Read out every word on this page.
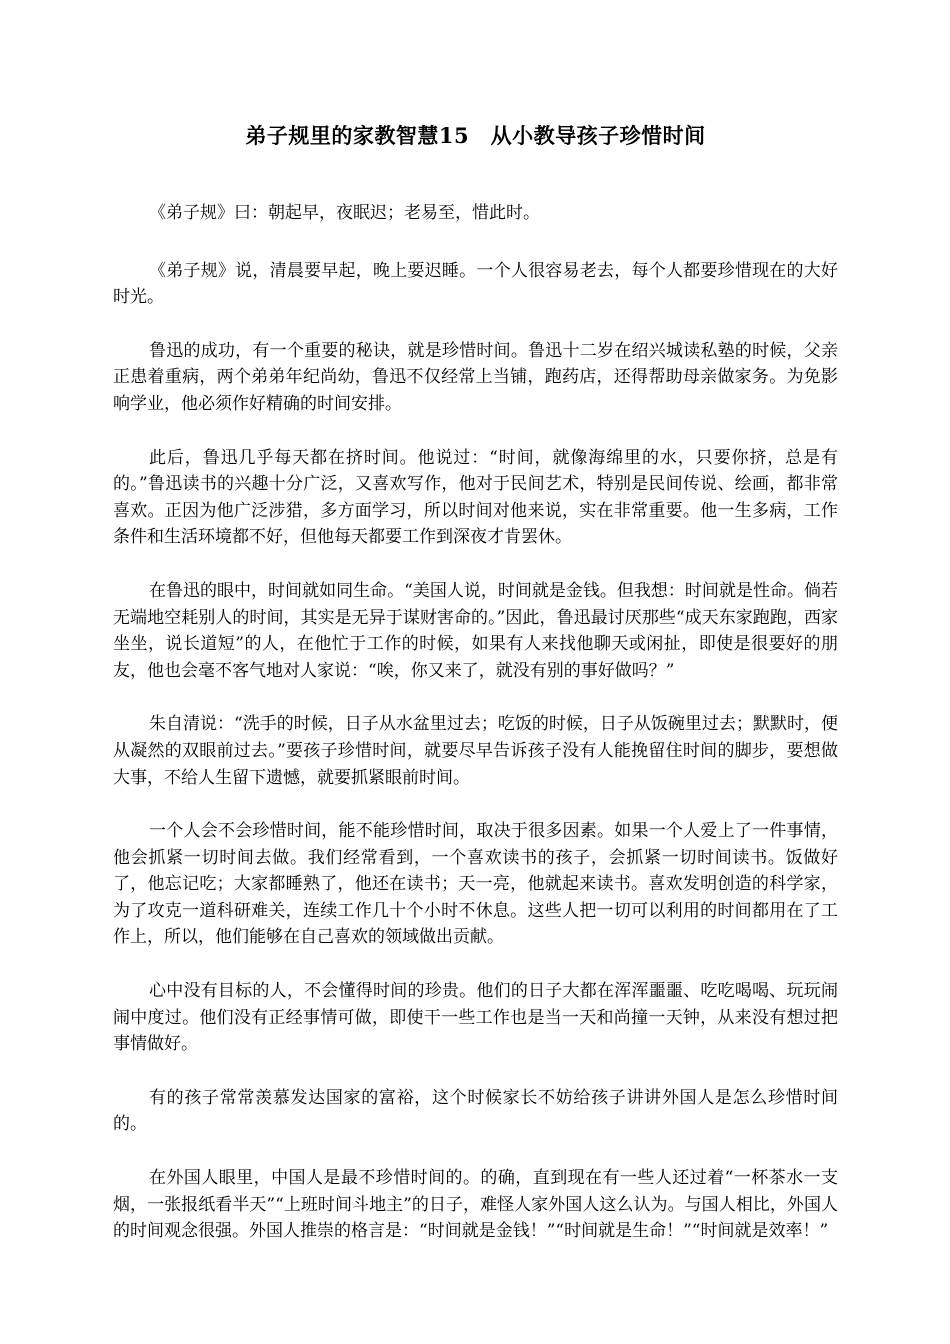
弟子规里的家教智慧15　从小教导孩子珍惜时间

《弟子规》曰：朝起早，夜眠迟；老易至，惜此时。

《弟子规》说，清晨要早起，晚上要迟睡。一个人很容易老去，每个人都要珍惜现在的大好时光。

鲁迅的成功，有一个重要的秘诀，就是珍惜时间。鲁迅十二岁在绍兴城读私塾的时候，父亲正患着重病，两个弟弟年纪尚幼，鲁迅不仅经常上当铺，跑药店，还得帮助母亲做家务。为免影响学业，他必须作好精确的时间安排。

此后，鲁迅几乎每天都在挤时间。他说过：“时间，就像海绵里的水，只要你挤，总是有的。”鲁迅读书的兴趣十分广泛，又喜欢写作，他对于民间艺术，特别是民间传说、绘画，都非常喜欢。正因为他广泛涉猎，多方面学习，所以时间对他来说，实在非常重要。他一生多病，工作条件和生活环境都不好，但他每天都要工作到深夜才肯罢休。

在鲁迅的眼中，时间就如同生命。“美国人说，时间就是金钱。但我想：时间就是性命。倘若无端地空耗别人的时间，其实是无异于谋财害命的。”因此，鲁迅最讨厌那些“成天东家跑跑，西家坐坐，说长道短”的人，在他忙于工作的时候，如果有人来找他聊天或闲扯，即使是很要好的朋友，他也会毫不客气地对人家说：“唉，你又来了，就没有别的事好做吗？”

朱自清说：“洗手的时候，日子从水盆里过去；吃饭的时候，日子从饭碗里过去；默默时，便从凝然的双眼前过去。”要孩子珍惜时间，就要尽早告诉孩子没有人能挽留住时间的脚步，要想做大事，不给人生留下遗憾，就要抓紧眼前时间。

一个人会不会珍惜时间，能不能珍惜时间，取决于很多因素。如果一个人爱上了一件事情，他会抓紧一切时间去做。我们经常看到，一个喜欢读书的孩子，会抓紧一切时间读书。饭做好了，他忘记吃；大家都睡熟了，他还在读书；天一亮，他就起来读书。喜欢发明创造的科学家，为了攻克一道科研难关，连续工作几十个小时不休息。这些人把一切可以利用的时间都用在了工作上，所以，他们能够在自己喜欢的领域做出贡献。

心中没有目标的人，不会懂得时间的珍贵。他们的日子大都在浑浑噩噩、吃吃喝喝、玩玩闹闹中度过。他们没有正经事情可做，即使干一些工作也是当一天和尚撞一天钟，从来没有想过把事情做好。

有的孩子常常羡慕发达国家的富裕，这个时候家长不妨给孩子讲讲外国人是怎么珍惜时间的。

在外国人眼里，中国人是最不珍惜时间的。的确，直到现在有一些人还过着“一杯茶水一支烟，一张报纸看半天”“上班时间斗地主”的日子，难怪人家外国人这么认为。与国人相比，外国人的时间观念很强。外国人推崇的格言是：“时间就是金钱！”“时间就是生命！”“时间就是效率！”
